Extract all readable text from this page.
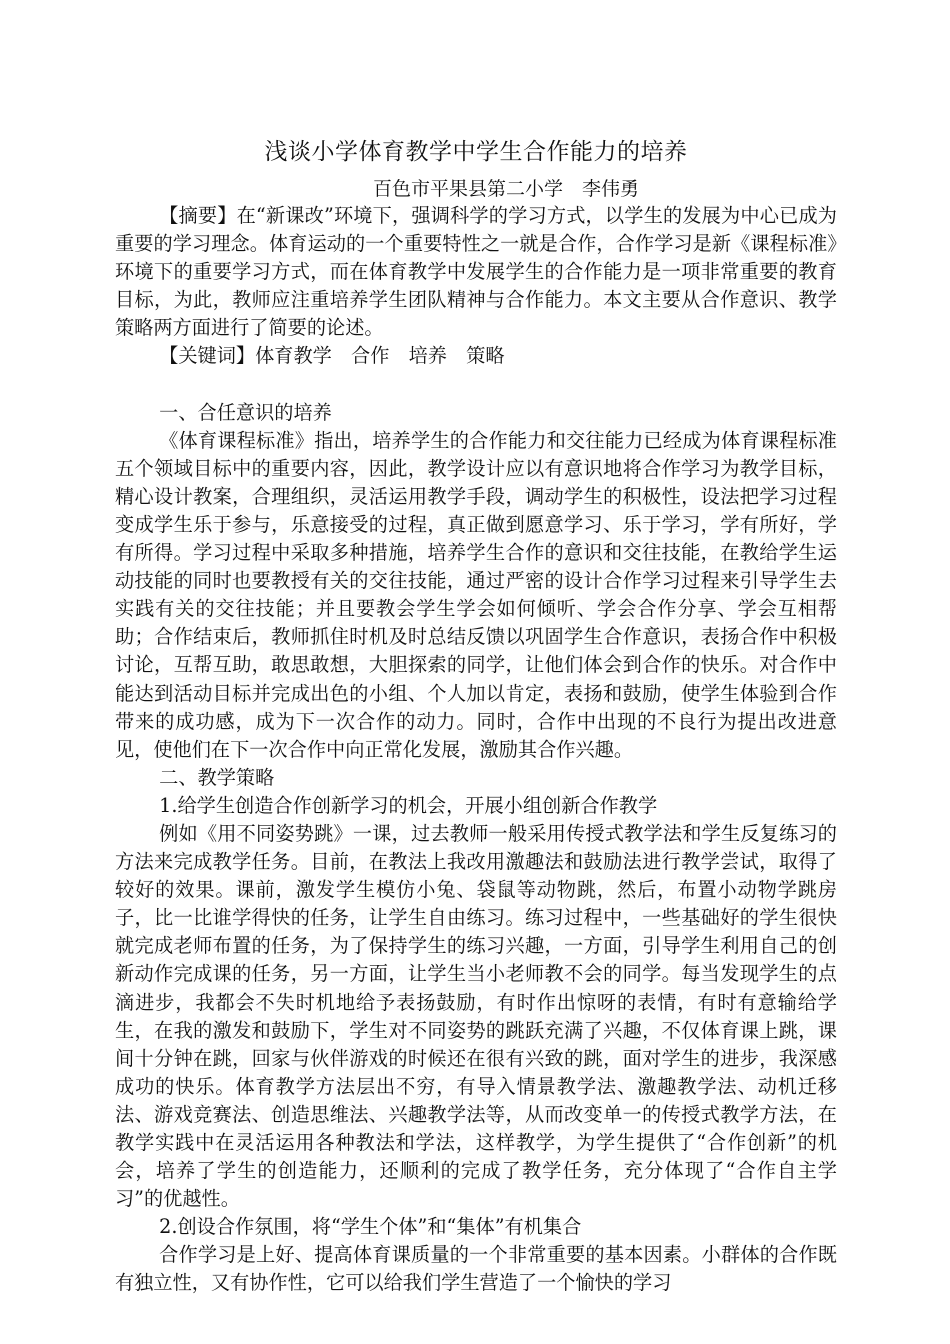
浅谈小学体育教学中学生合作能力的培养
百色市平果县第二小学　李伟勇

【摘要】在“新课改”环境下，强调科学的学习方式，以学生的发展为中心已成为重要的学习理念。体育运动的一个重要特性之一就是合作，合作学习是新《课程标准》环境下的重要学习方式，而在体育教学中发展学生的合作能力是一项非常重要的教育目标，为此，教师应注重培养学生团队精神与合作能力。本文主要从合作意识、教学策略两方面进行了简要的论述。

【关键词】体育教学　合作　培养　策略

一、合任意识的培养

《体育课程标准》指出，培养学生的合作能力和交往能力已经成为体育课程标准五个领域目标中的重要内容，因此，教学设计应以有意识地将合作学习为教学目标，精心设计教案，合理组织，灵活运用教学手段，调动学生的积极性，设法把学习过程变成学生乐于参与，乐意接受的过程，真正做到愿意学习、乐于学习，学有所好，学有所得。学习过程中采取多种措施，培养学生合作的意识和交往技能，在教给学生运动技能的同时也要教授有关的交往技能，通过严密的设计合作学习过程来引导学生去实践有关的交往技能；并且要教会学生学会如何倾听、学会合作分享、学会互相帮助；合作结束后，教师抓住时机及时总结反馈以巩固学生合作意识，表扬合作中积极讨论，互帮互助，敢思敢想，大胆探索的同学，让他们体会到合作的快乐。对合作中能达到活动目标并完成出色的小组、个人加以肯定，表扬和鼓励，使学生体验到合作带来的成功感，成为下一次合作的动力。同时，合作中出现的不良行为提出改进意见，使他们在下一次合作中向正常化发展，激励其合作兴趣。

二、教学策略

1.给学生创造合作创新学习的机会，开展小组创新合作教学

例如《用不同姿势跳》一课，过去教师一般采用传授式教学法和学生反复练习的方法来完成教学任务。目前，在教法上我改用激趣法和鼓励法进行教学尝试，取得了较好的效果。课前，激发学生模仿小兔、袋鼠等动物跳，然后，布置小动物学跳房子，比一比谁学得快的任务，让学生自由练习。练习过程中，一些基础好的学生很快就完成老师布置的任务，为了保持学生的练习兴趣，一方面，引导学生利用自己的创新动作完成课的任务，另一方面，让学生当小老师教不会的同学。每当发现学生的点滴进步，我都会不失时机地给予表扬鼓励，有时作出惊呀的表情，有时有意输给学生，在我的激发和鼓励下，学生对不同姿势的跳跃充满了兴趣，不仅体育课上跳，课间十分钟在跳，回家与伙伴游戏的时候还在很有兴致的跳，面对学生的进步，我深感成功的快乐。体育教学方法层出不穷，有导入情景教学法、激趣教学法、动机迁移法、游戏竞赛法、创造思维法、兴趣教学法等，从而改变单一的传授式教学方法，在教学实践中在灵活运用各种教法和学法，这样教学，为学生提供了“合作创新”的机会，培养了学生的创造能力，还顺利的完成了教学任务，充分体现了“合作自主学习”的优越性。

2.创设合作氛围，将“学生个体”和“集体”有机集合

合作学习是上好、提高体育课质量的一个非常重要的基本因素。小群体的合作既有独立性，又有协作性，它可以给我们学生营造了一个愉快的学习
